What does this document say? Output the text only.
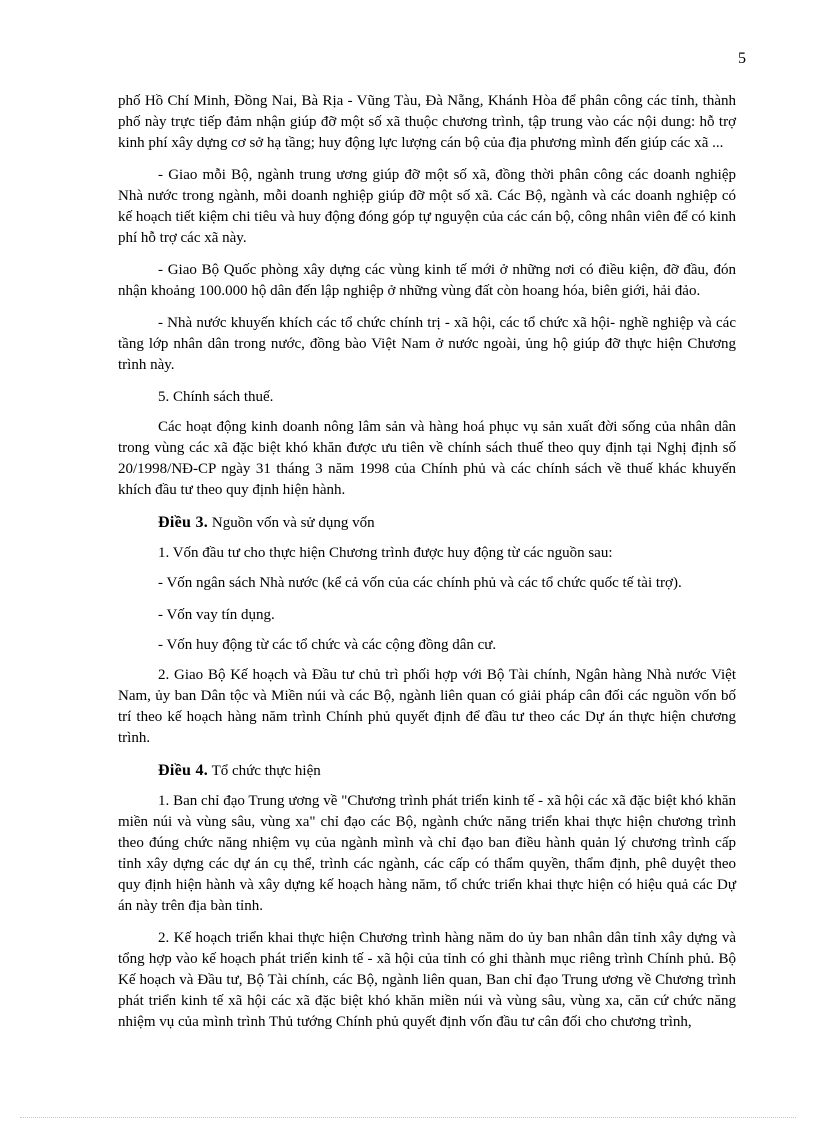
5

phố Hồ Chí Minh, Đồng Nai, Bà Rịa - Vũng Tàu, Đà Nẵng, Khánh Hòa để phân công các tỉnh, thành phố này trực tiếp đảm nhận giúp đỡ một số xã thuộc chương trình, tập trung vào các nội dung: hỗ trợ kinh phí xây dựng cơ sở hạ tầng; huy động lực lượng cán bộ của địa phương mình đến giúp các xã ...

- Giao mỗi Bộ, ngành trung ương giúp đỡ một số xã, đồng thời phân công các doanh nghiệp Nhà nước trong ngành, mỗi doanh nghiệp giúp đỡ một số xã. Các Bộ, ngành và các doanh nghiệp có kế hoạch tiết kiệm chi tiêu và huy động đóng góp tự nguyện của các cán bộ, công nhân viên để có kinh phí hỗ trợ các xã này.

- Giao Bộ Quốc phòng xây dựng các vùng kinh tế mới ở những nơi có điều kiện, đỡ đầu, đón nhận khoảng 100.000 hộ dân đến lập nghiệp ở những vùng đất còn hoang hóa, biên giới, hải đảo.

- Nhà nước khuyến khích các tổ chức chính trị - xã hội, các tổ chức xã hội- nghề nghiệp và các tầng lớp nhân dân trong nước, đồng bào Việt Nam ở nước ngoài, ủng hộ giúp đỡ thực hiện Chương trình này.

5. Chính sách thuế.

Các hoạt động kinh doanh nông lâm sản và hàng hoá phục vụ sản xuất đời sống của nhân dân trong vùng các xã đặc biệt khó khăn được ưu tiên về chính sách thuế theo quy định tại Nghị định số 20/1998/NĐ-CP ngày 31 tháng 3 năm 1998 của Chính phủ và các chính sách về thuế khác khuyến khích đầu tư theo quy định hiện hành.

Điều 3. Nguồn vốn và sử dụng vốn

1. Vốn đầu tư cho thực hiện Chương trình được huy động từ các nguồn sau:

- Vốn ngân sách Nhà nước (kể cả vốn của các chính phủ và các tổ chức quốc tế tài trợ).

- Vốn vay tín dụng.

- Vốn huy động từ các tổ chức và các cộng đồng dân cư.

2. Giao Bộ Kế hoạch và Đầu tư chủ trì phối hợp với Bộ Tài chính, Ngân hàng Nhà nước Việt Nam, ủy ban Dân tộc và Miền núi và các Bộ, ngành liên quan có giải pháp cân đối các nguồn vốn bố trí theo kế hoạch hàng năm trình Chính phủ quyết định để đầu tư theo các Dự án thực hiện chương trình.

Điều 4. Tổ chức thực hiện

1. Ban chỉ đạo Trung ương về "Chương trình phát triển kinh tế - xã hội các xã đặc biệt khó khăn miền núi và vùng sâu, vùng xa" chỉ đạo các Bộ, ngành chức năng triển khai thực hiện chương trình theo đúng chức năng nhiệm vụ của ngành mình và chỉ đạo ban điều hành quản lý chương trình cấp tỉnh xây dựng các dự án cụ thể, trình các ngành, các cấp có thẩm quyền, thẩm định, phê duyệt theo quy định hiện hành và xây dựng kế hoạch hàng năm, tổ chức triển khai thực hiện có hiệu quả các Dự án này trên địa bàn tỉnh.

2. Kế hoạch triển khai thực hiện Chương trình hàng năm do ủy ban nhân dân tỉnh xây dựng và tổng hợp vào kế hoạch phát triển kinh tế - xã hội của tỉnh có ghi thành mục riêng trình Chính phủ. Bộ Kế hoạch và Đầu tư, Bộ Tài chính, các Bộ, ngành liên quan, Ban chỉ đạo Trung ương về Chương trình phát triển kinh tế xã hội các xã đặc biệt khó khăn miền núi và vùng sâu, vùng xa, căn cứ chức năng nhiệm vụ của mình trình Thủ tướng Chính phủ quyết định vốn đầu tư cân đối cho chương trình,
